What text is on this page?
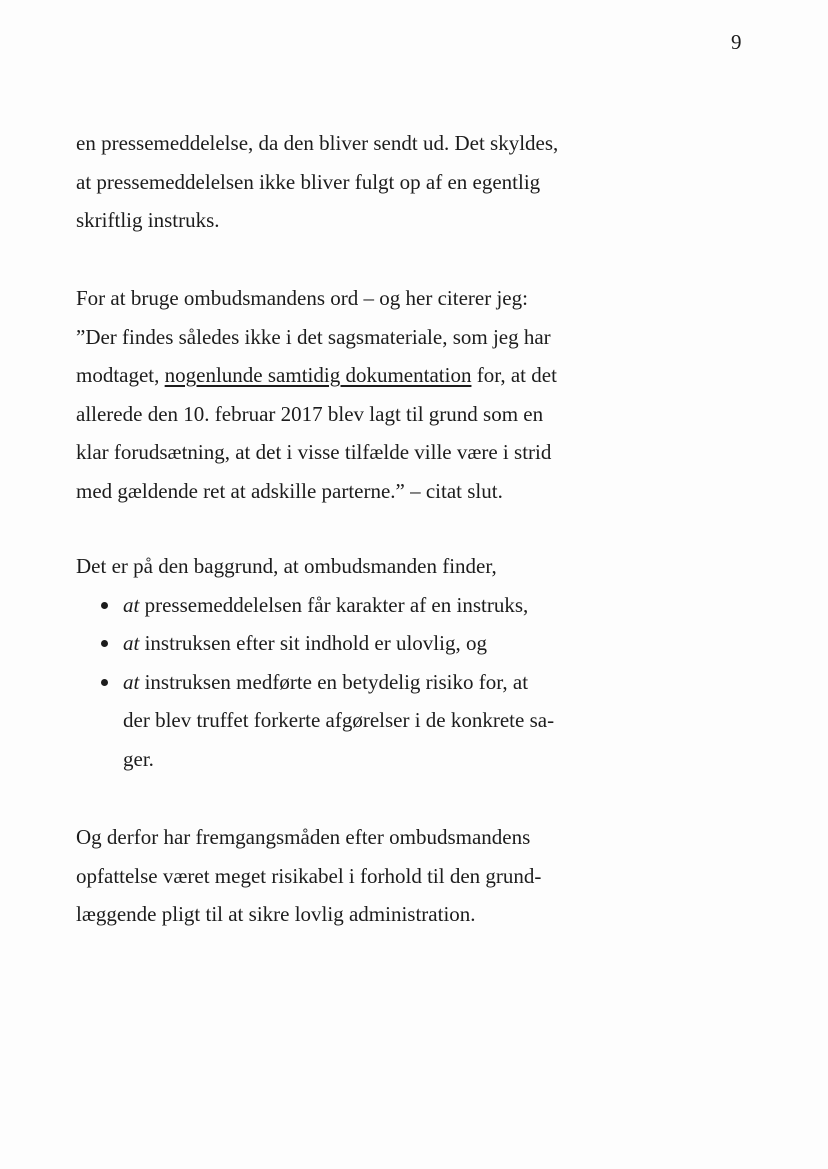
9
en pressemeddelelse, da den bliver sendt ud. Det skyldes,
at pressemeddelelsen ikke bliver fulgt op af en egentlig
skriftlig instruks.
For at bruge ombudsmandens ord – og her citerer jeg:
”Der findes således ikke i det sagsmateriale, som jeg har
modtaget, nogenlunde samtidig dokumentation for, at det
allerede den 10. februar 2017 blev lagt til grund som en
klar forudsætning, at det i visse tilfælde ville være i strid
med gældende ret at adskille parterne.” – citat slut.
Det er på den baggrund, at ombudsmanden finder,
at pressemeddelelsen får karakter af en instruks,
at instruksen efter sit indhold er ulovlig, og
at instruksen medførte en betydelig risiko for, at
der blev truffet forkerte afgørelser i de konkrete sa-
ger.
Og derfor har fremgangsmåden efter ombudsmandens
opfattelse været meget risikabel i forhold til den grund-
læggende pligt til at sikre lovlig administration.
